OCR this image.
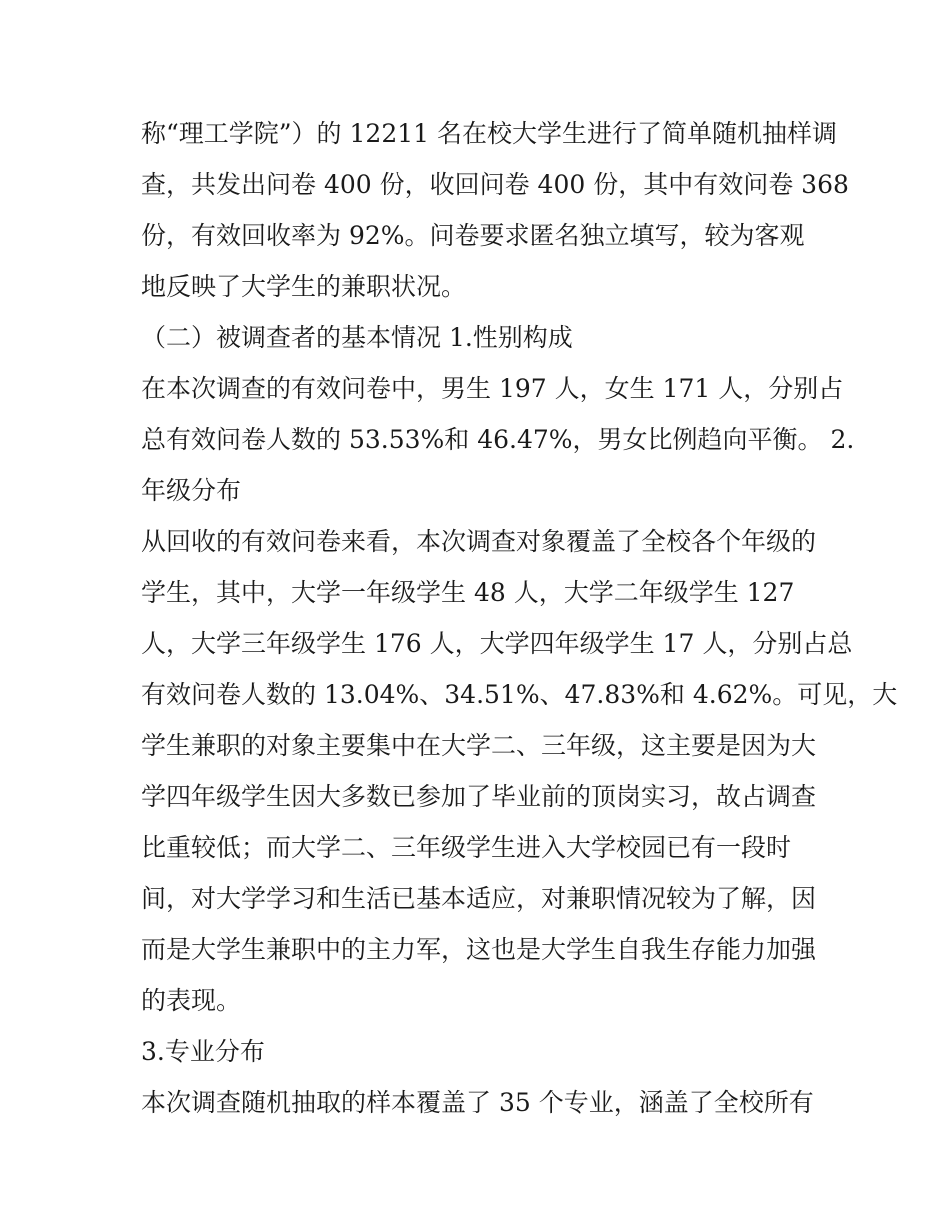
称“理工学院”）的 12211 名在校大学生进行了简单随机抽样调
查，共发出问卷 400 份，收回问卷 400 份，其中有效问卷 368
份，有效回收率为 92%。问卷要求匿名独立填写，较为客观
地反映了大学生的兼职状况。
（二）被调查者的基本情况 1.性别构成
在本次调查的有效问卷中，男生 197 人，女生 171 人，分别占
总有效问卷人数的 53.53%和 46.47%，男女比例趋向平衡。 2.
年级分布
从回收的有效问卷来看，本次调查对象覆盖了全校各个年级的
学生，其中，大学一年级学生 48 人，大学二年级学生 127
人，大学三年级学生 176 人，大学四年级学生 17 人，分别占总
有效问卷人数的 13.04%、34.51%、47.83%和 4.62%。可见，大
学生兼职的对象主要集中在大学二、三年级，这主要是因为大
学四年级学生因大多数已参加了毕业前的顶岗实习，故占调查
比重较低；而大学二、三年级学生进入大学校园已有一段时
间，对大学学习和生活已基本适应，对兼职情况较为了解，因
而是大学生兼职中的主力军，这也是大学生自我生存能力加强
的表现。
3.专业分布
本次调查随机抽取的样本覆盖了 35 个专业，涵盖了全校所有
